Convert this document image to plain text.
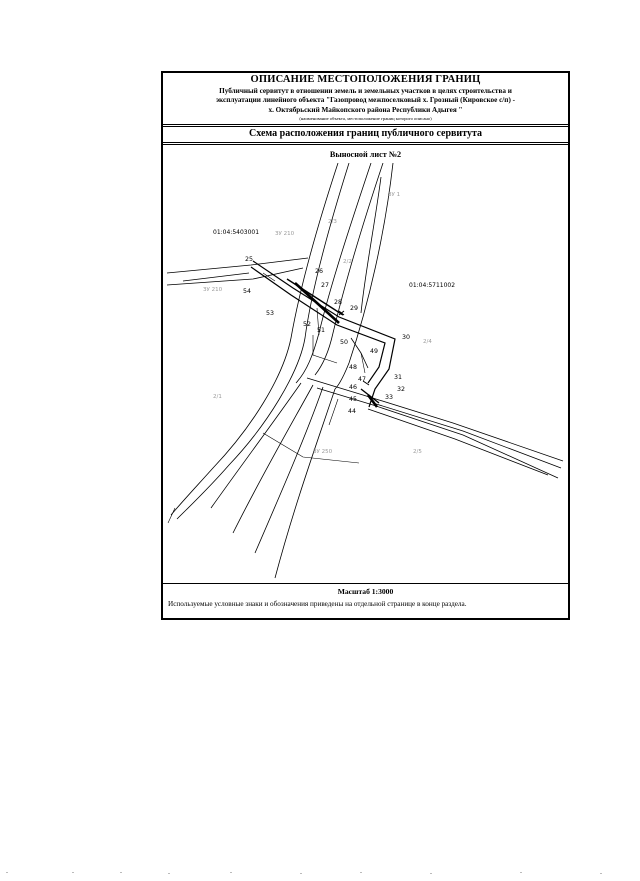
ОПИСАНИЕ МЕСТОПОЛОЖЕНИЯ ГРАНИЦ
Публичный сервитут в отношении земель и земельных участков в целях строительства и
эксплуатации линейного объекта "Газопровод межпоселковый х. Грозный (Кировское с/п) -
х. Октябрьский Майкопского района Республики Адыгея "
(наименование объекта, местоположение границ которого описано)
Схема расположения границ публичного сервитута
Выносной лист №2
ЗУ 210
2/3
2/2
ЗУ 210
2/1
2/4
2/5
ЗУ 250
ЗУ 1
01:04:5403001
01:04:5711002
25
54
53
26
27
28
29
52
51
50
30
49
48
47
46
45
44
31
32
33
Масштаб 1:3000
Используемые условные знаки и обозначения приведены на отдельной странице в конце раздела.
